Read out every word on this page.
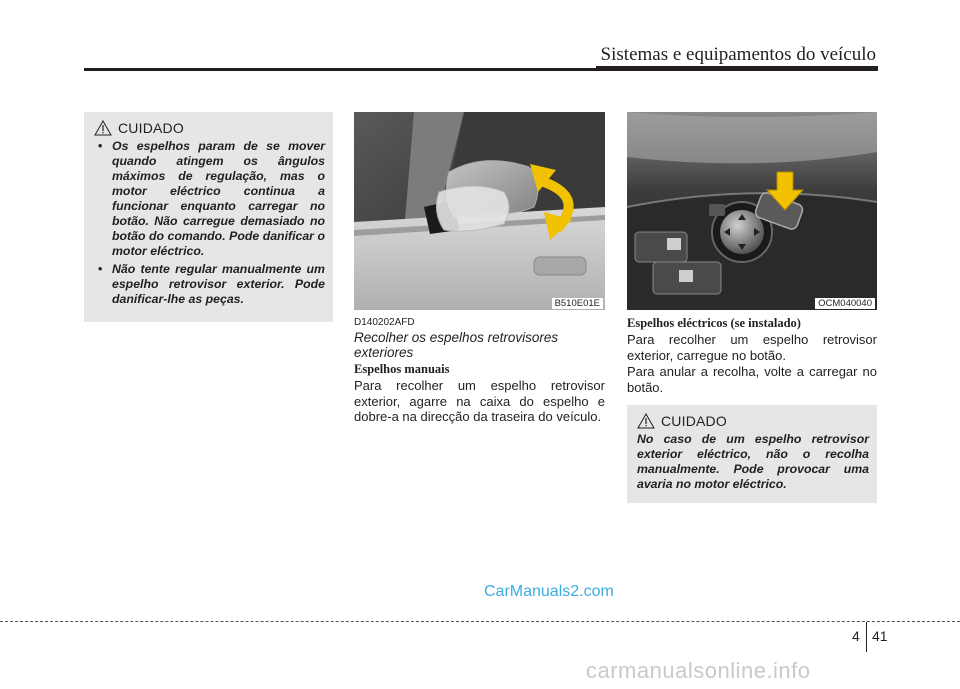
Sistemas e equipamentos do veículo
CUIDADO
• Os espelhos param de se mover quando atingem os ângulos máximos de regulação, mas o motor eléctrico continua a funcionar enquanto carregar no botão. Não carregue demasiado no botão do comando. Pode danificar o motor eléctrico.
• Não tente regular manualmente um espelho retrovisor exterior. Pode danificar-lhe as peças.	B510E01E	OCM040040
D140202AFD
Recolher os espelhos retrovisores exteriores
Espelhos manuais
Para recolher um espelho retrovisor exterior, agarre na caixa do espelho e dobre-a na direcção da traseira do veículo.
Espelhos eléctricos (se instalado)
Para recolher um espelho retrovisor exterior, carregue no botão.
Para anular a recolha, volte a carregar no botão.
CUIDADO

No caso de um espelho retrovisor exterior eléctrico, não o recolha manualmente. Pode provocar uma avaria no motor eléctrico.

CarManuals2.com
4 41
carmanualsonline.info
